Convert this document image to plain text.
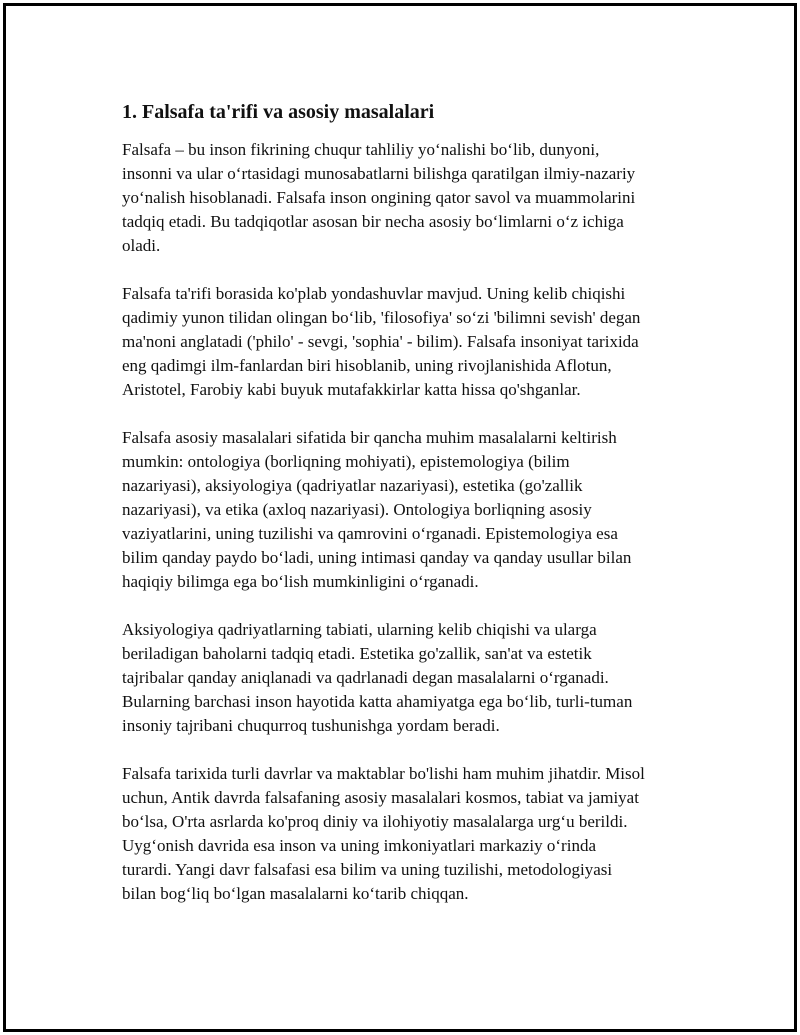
1. Falsafa ta'rifi va asosiy masalalari

Falsafa – bu inson fikrining chuqur tahliliy yo‘nalishi bo‘lib, dunyoni,
insonni va ular o‘rtasidagi munosabatlarni bilishga qaratilgan ilmiy-nazariy
yo‘nalish hisoblanadi. Falsafa inson ongining qator savol va muammolarini
tadqiq etadi. Bu tadqiqotlar asosan bir necha asosiy bo‘limlarni o‘z ichiga
oladi.

Falsafa ta'rifi borasida ko'plab yondashuvlar mavjud. Uning kelib chiqishi
qadimiy yunon tilidan olingan bo‘lib, 'filosofiya' so‘zi 'bilimni sevish' degan
ma'noni anglatadi ('philo' - sevgi, 'sophia' - bilim). Falsafa insoniyat tarixida
eng qadimgi ilm-fanlardan biri hisoblanib, uning rivojlanishida Aflotun,
Aristotel, Farobiy kabi buyuk mutafakkirlar katta hissa qo'shganlar.

Falsafa asosiy masalalari sifatida bir qancha muhim masalalarni keltirish
mumkin: ontologiya (borliqning mohiyati), epistemologiya (bilim
nazariyasi), aksiyologiya (qadriyatlar nazariyasi), estetika (go'zallik
nazariyasi), va etika (axloq nazariyasi). Ontologiya borliqning asosiy
vaziyatlarini, uning tuzilishi va qamrovini o‘rganadi. Epistemologiya esa
bilim qanday paydo bo‘ladi, uning intimasi qanday va qanday usullar bilan
haqiqiy bilimga ega bo‘lish mumkinligini o‘rganadi.

Aksiyologiya qadriyatlarning tabiati, ularning kelib chiqishi va ularga
beriladigan baholarni tadqiq etadi. Estetika go'zallik, san'at va estetik
tajribalar qanday aniqlanadi va qadrlanadi degan masalalarni o‘rganadi.
Bularning barchasi inson hayotida katta ahamiyatga ega bo‘lib, turli-tuman
insoniy tajribani chuqurroq tushunishga yordam beradi.

Falsafa tarixida turli davrlar va maktablar bo'lishi ham muhim jihatdir. Misol
uchun, Antik davrda falsafaning asosiy masalalari kosmos, tabiat va jamiyat
bo‘lsa, O'rta asrlarda ko'proq diniy va ilohiyotiy masalalarga urg‘u berildi.
Uyg‘onish davrida esa inson va uning imkoniyatlari markaziy o‘rinda
turardi. Yangi davr falsafasi esa bilim va uning tuzilishi, metodologiyasi
bilan bog‘liq bo‘lgan masalalarni ko‘tarib chiqqan.
